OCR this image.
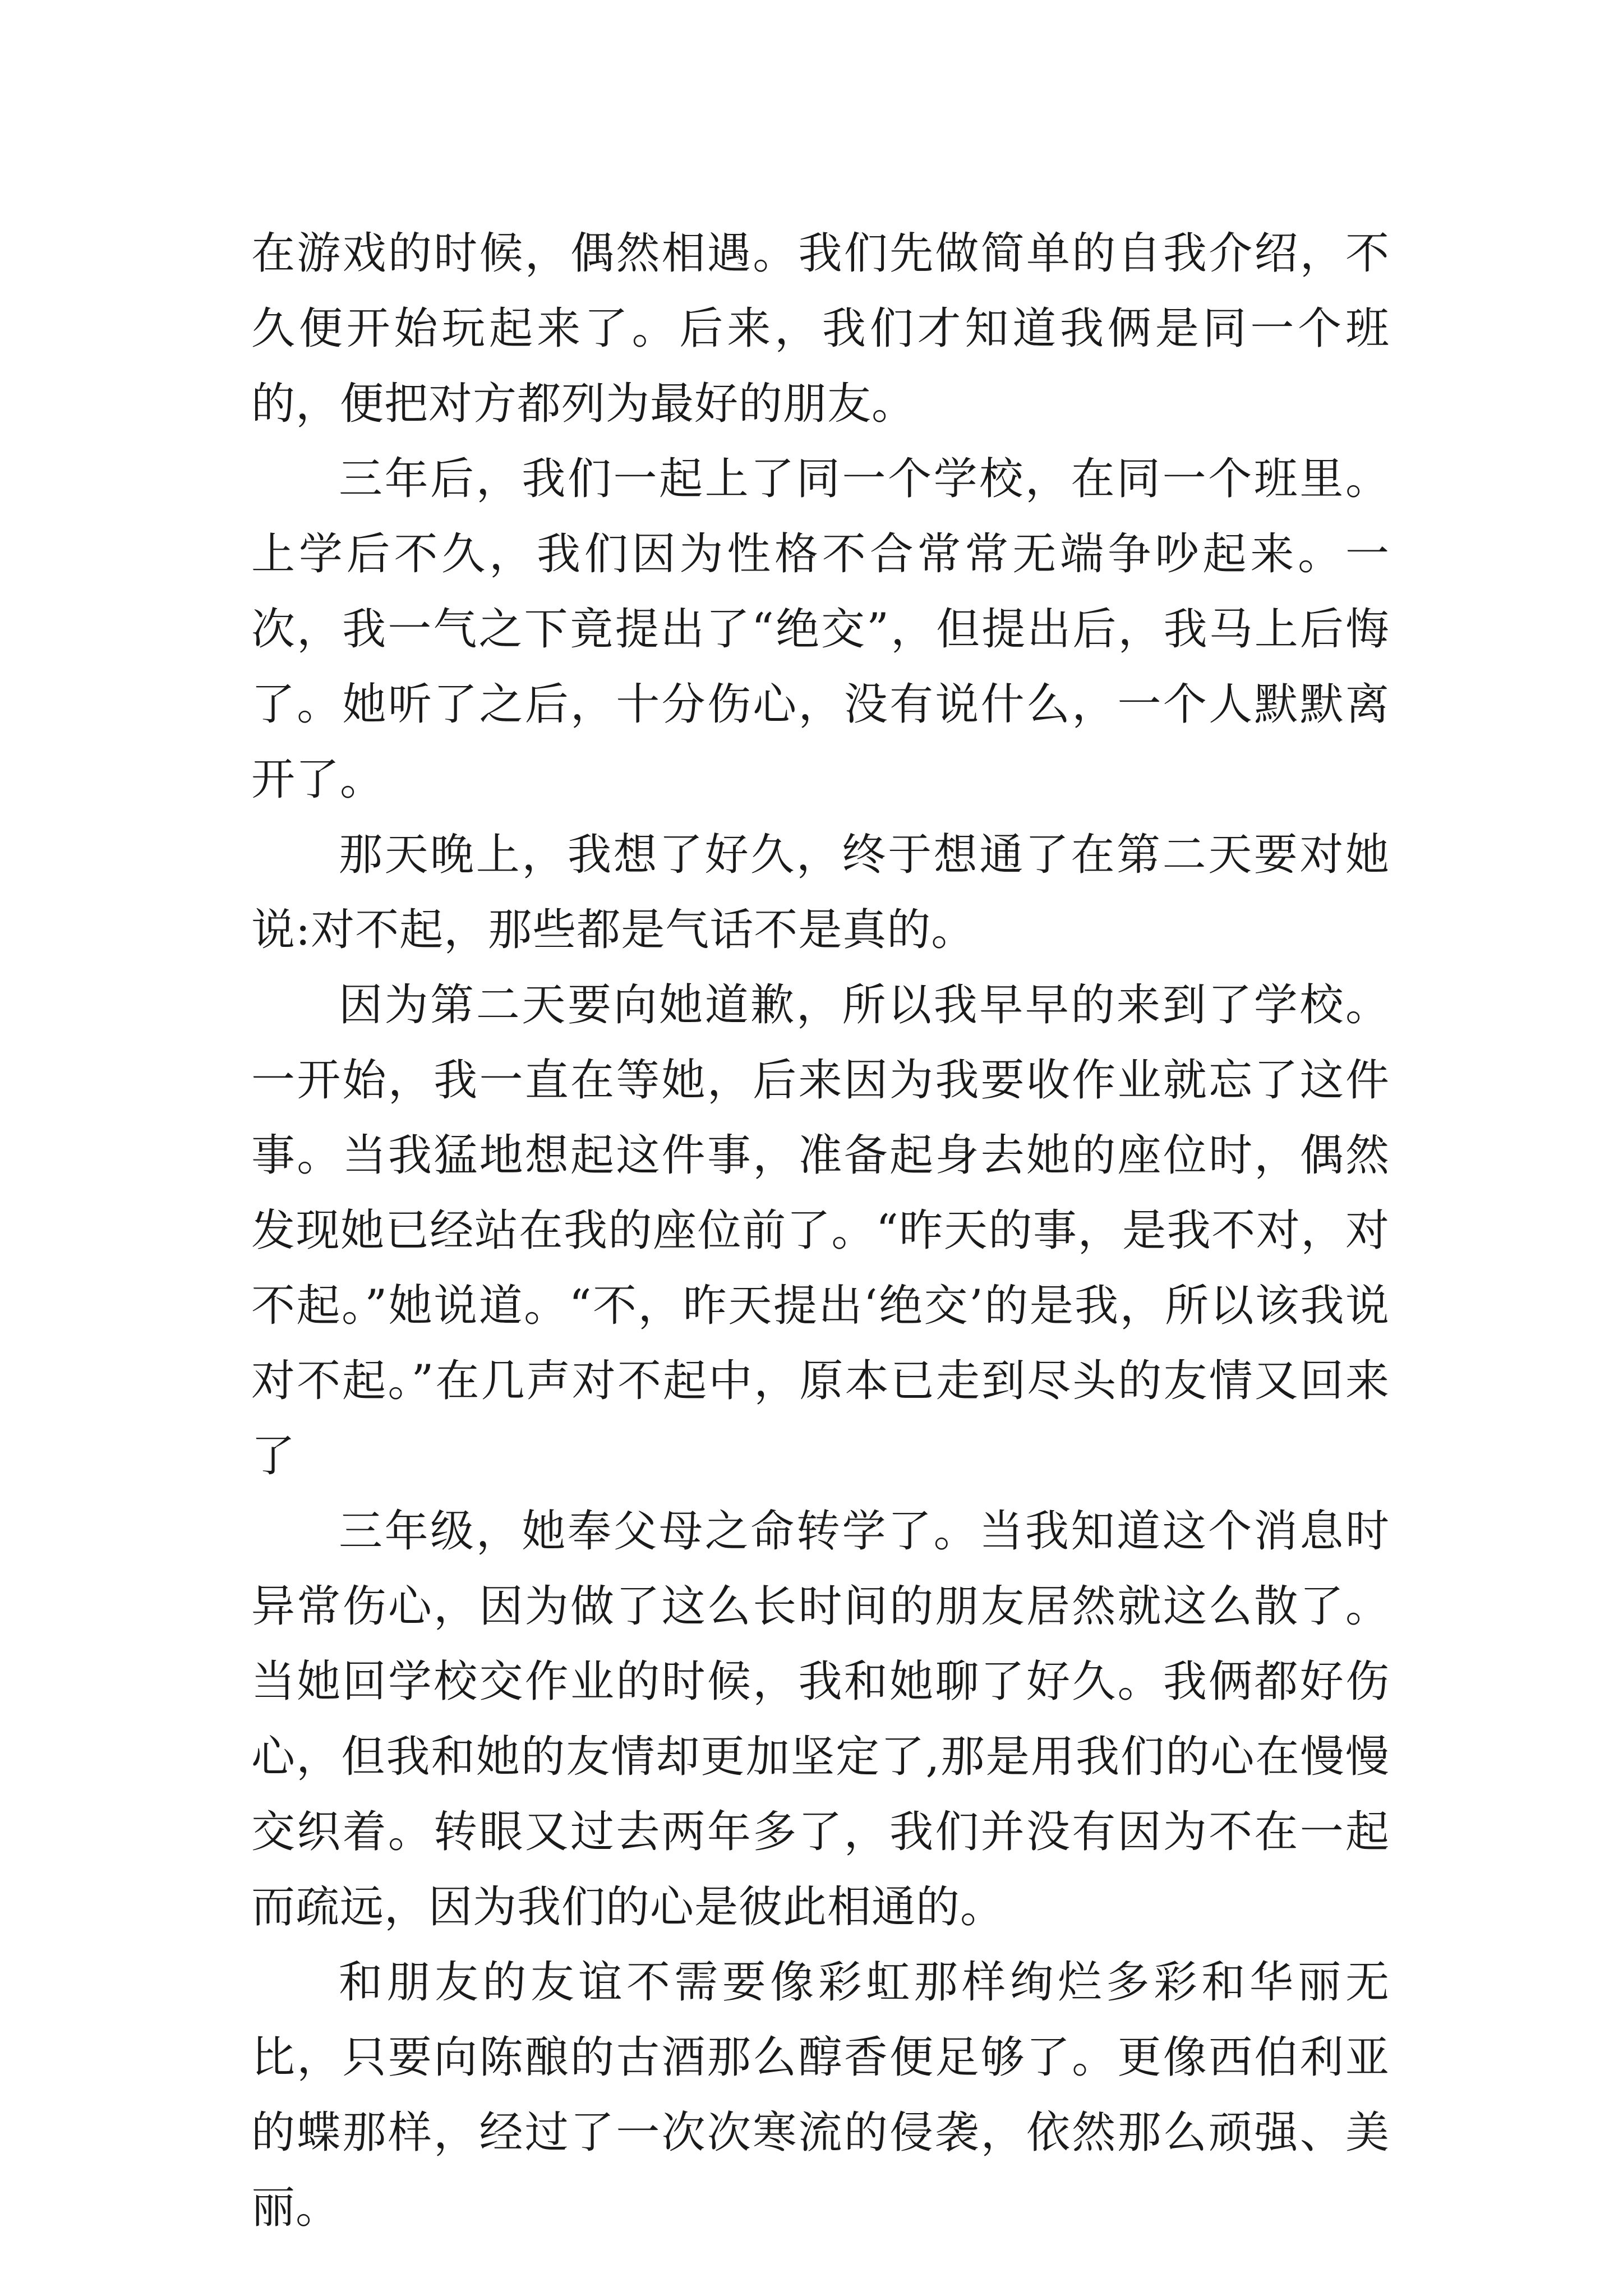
在游戏的时候，偶然相遇。我们先做简单的自我介绍，不久便开始玩起来了。后来，我们才知道我俩是同一个班的，便把对方都列为最好的朋友。

三年后，我们一起上了同一个学校，在同一个班里。上学后不久，我们因为性格不合常常无端争吵起来。一次，我一气之下竟提出了“绝交”，但提出后，我马上后悔了。她听了之后，十分伤心，没有说什么，一个人默默离开了。

那天晚上，我想了好久，终于想通了在第二天要对她说:对不起，那些都是气话不是真的。

因为第二天要向她道歉，所以我早早的来到了学校。一开始，我一直在等她，后来因为我要收作业就忘了这件事。当我猛地想起这件事，准备起身去她的座位时，偶然发现她已经站在我的座位前了。“昨天的事，是我不对，对不起。”她说道。“不，昨天提出‘绝交’的是我，所以该我说对不起。”在几声对不起中，原本已走到尽头的友情又回来了

三年级，她奉父母之命转学了。当我知道这个消息时异常伤心，因为做了这么长时间的朋友居然就这么散了。当她回学校交作业的时候，我和她聊了好久。我俩都好伤心，但我和她的友情却更加坚定了,那是用我们的心在慢慢交织着。转眼又过去两年多了，我们并没有因为不在一起而疏远，因为我们的心是彼此相通的。

和朋友的友谊不需要像彩虹那样绚烂多彩和华丽无比，只要向陈酿的古酒那么醇香便足够了。更像西伯利亚的蝶那样，经过了一次次寒流的侵袭，依然那么顽强、美丽。
